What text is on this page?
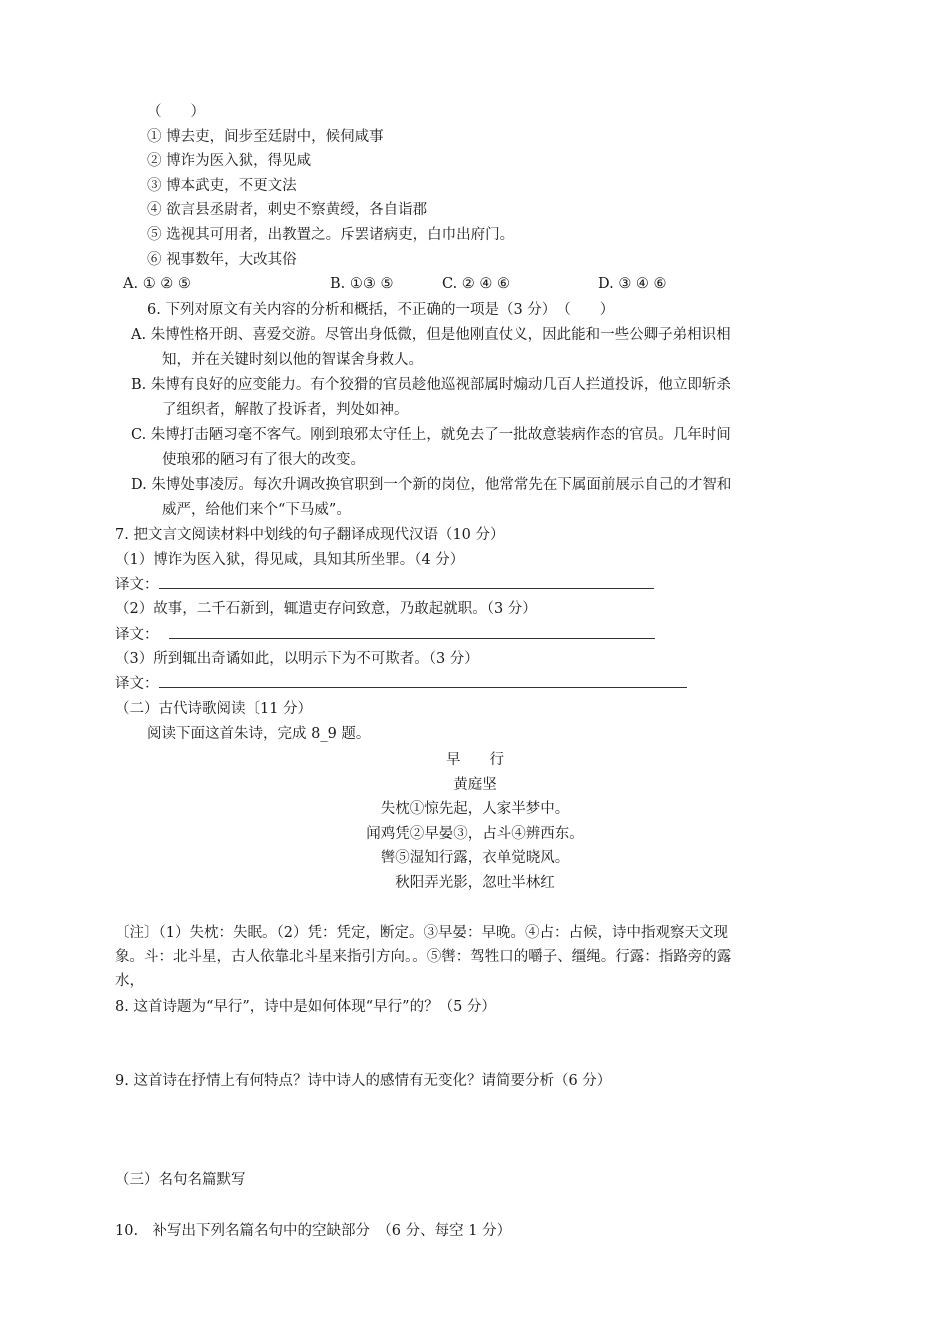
（　　）
① 博去吏，间步至廷尉中，候伺咸事
② 博诈为医入狱，得见咸
③ 博本武吏，不更文法
④ 欲言县丞尉者，刺史不察黄绶，各自诣郡
⑤ 选视其可用者，出教置之。斥罢诸病吏，白巾出府门。
⑥ 视事数年，大改其俗
A. ① ② ⑤	B. ①③ ⑤	C. ② ④ ⑥	D. ③ ④ ⑥
6. 下列对原文有关内容的分析和概括，不正确的一项是（3 分）　（　　）
A. 朱博性格开朗、喜爱交游。尽管出身低微，但是他刚直仗义，因此能和一些公卿子弟相识相
知，并在关键时刻以他的智谋舍身救人。
B. 朱博有良好的应变能力。有个狡猾的官员趁他巡视部属时煽动几百人拦道投诉，他立即斩杀
了组织者，解散了投诉者，判处如神。
C. 朱博打击陋习毫不客气。刚到琅邪太守任上，就免去了一批故意装病作态的官员。几年时间
使琅邪的陋习有了很大的改变。
D. 朱博处事凌厉。每次升调改换官职到一个新的岗位，他常常先在下属面前展示自己的才智和
威严，给他们来个“下马威”。
7. 把文言文阅读材料中划线的句子翻译成现代汉语（10 分）
（1）博诈为医入狱，得见咸，具知其所坐罪。（4 分）
译文：
（2）故事，二千石新到，辄遣吏存问致意，乃敢起就职。（3 分）
译文：
（3）所到辄出奇谲如此，以明示下为不可欺者。（3 分）
译文：
（二）古代诗歌阅读〔11 分）
阅读下面这首朱诗，完成 8_9 题。
早　　行
黄庭坚
失枕①惊先起，人家半梦中。
闻鸡凭②早晏③，占斗④辨西东。
辔⑤湿知行露，衣单觉晓风。
秋阳弄光影，忽吐半林红
〔注〕（1）失枕：失眠。（2）凭：凭定，断定。③早晏：早晚。④占：占候，诗中指观察天文现
象。斗：北斗星，古人依靠北斗星来指引方向。。⑤辔：驾牲口的嚼子、缰绳。行露：指路旁的露
水，
8. 这首诗题为“早行”，诗中是如何体现“早行”的？（5 分）
9. 这首诗在抒情上有何特点？诗中诗人的感情有无变化？请简要分析（6 分）
（三）名句名篇默写
10.　补写出下列名篇名句中的空缺部分　（6 分、每空 1 分）
